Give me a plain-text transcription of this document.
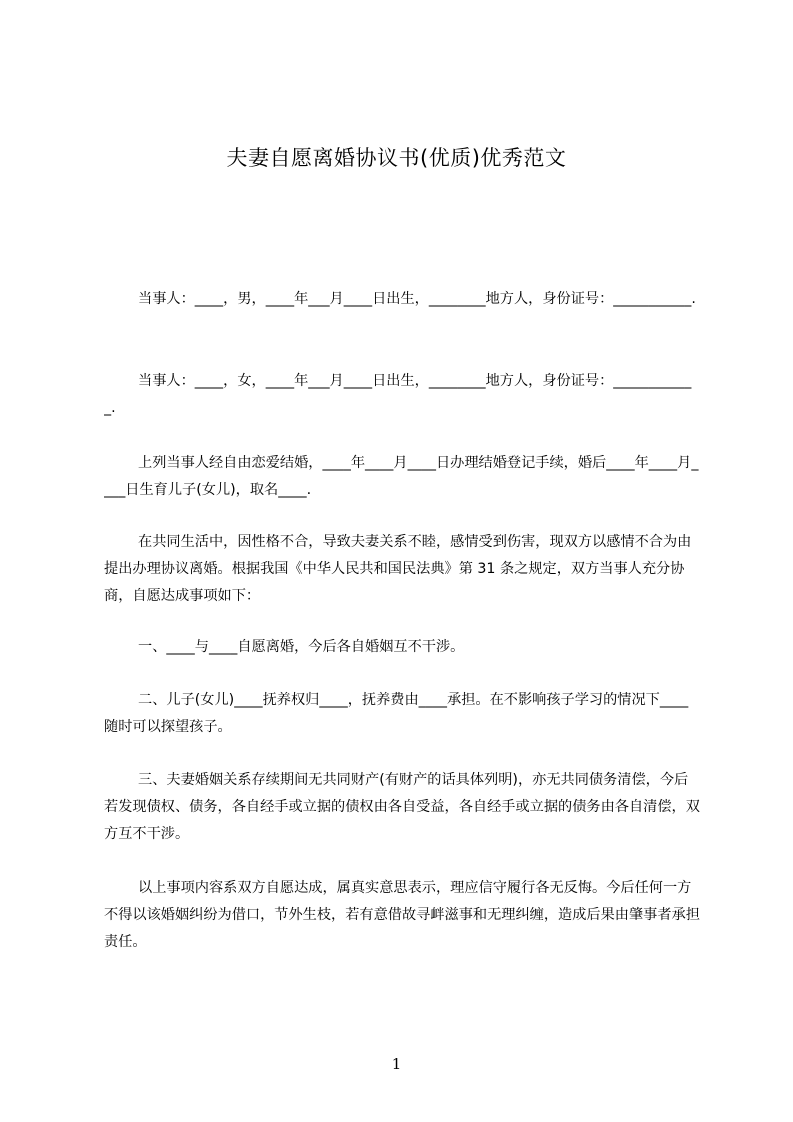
夫妻自愿离婚协议书(优质)优秀范文

当事人：____，男，____年___月____日出生，________地方人，身份证号：___________.

当事人：____，女，____年___月____日出生，________地方人，身份证号：____________.

上列当事人经自由恋爱结婚，____年____月____日办理结婚登记手续，婚后____年____月____日生育儿子(女儿)，取名____.

在共同生活中，因性格不合，导致夫妻关系不睦，感情受到伤害，现双方以感情不合为由提出办理协议离婚。根据我国《中华人民共和国民法典》第 31 条之规定，双方当事人充分协商，自愿达成事项如下：

一、____与____自愿离婚，今后各自婚姻互不干涉。

二、儿子(女儿)____抚养权归____，抚养费由____承担。在不影响孩子学习的情况下____随时可以探望孩子。

三、夫妻婚姻关系存续期间无共同财产(有财产的话具体列明)，亦无共同债务清偿，今后若发现债权、债务，各自经手或立据的债权由各自受益，各自经手或立据的债务由各自清偿，双方互不干涉。

以上事项内容系双方自愿达成，属真实意思表示，理应信守履行各无反悔。今后任何一方不得以该婚姻纠纷为借口，节外生枝，若有意借故寻衅滋事和无理纠缠，造成后果由肇事者承担责任。

1
